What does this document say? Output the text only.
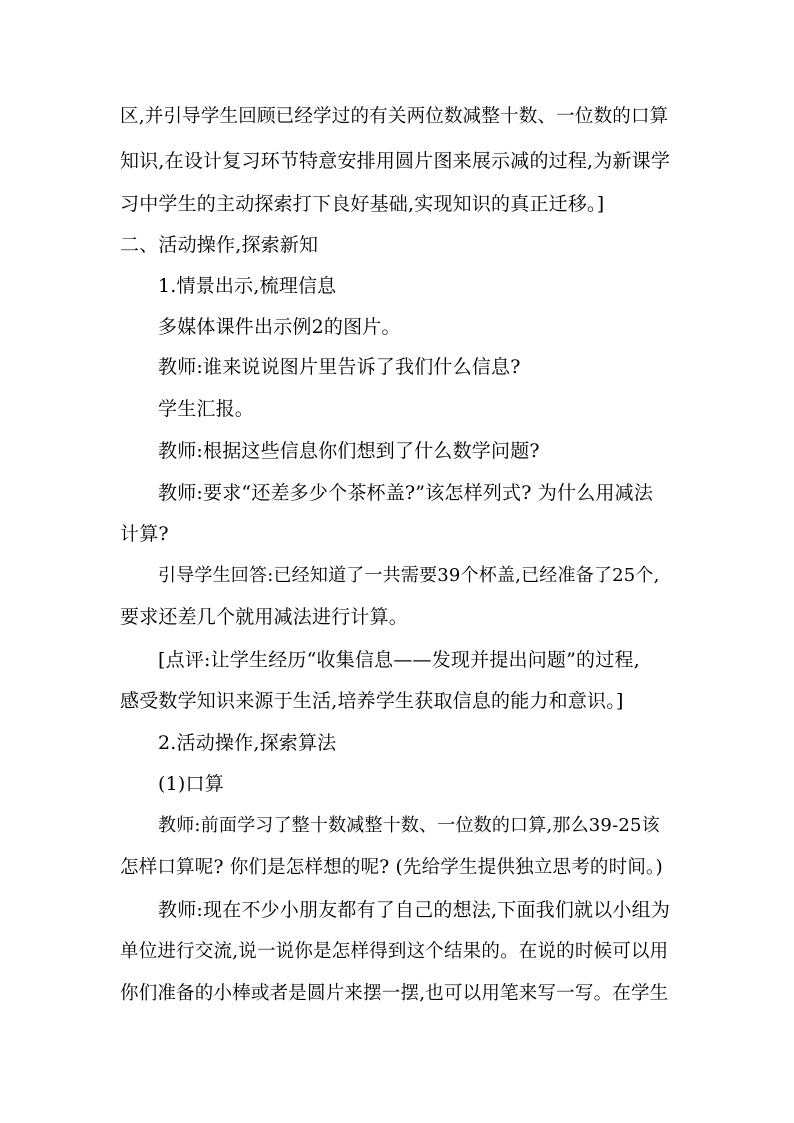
区,并引导学生回顾已经学过的有关两位数减整十数、一位数的口算
知识,在设计复习环节特意安排用圆片图来展示减的过程,为新课学
习中学生的主动探索打下良好基础,实现知识的真正迁移。]
二、活动操作,探索新知
1.情景出示,梳理信息
多媒体课件出示例2的图片。
教师:谁来说说图片里告诉了我们什么信息?
学生汇报。
教师:根据这些信息你们想到了什么数学问题?
教师:要求“还差多少个茶杯盖?”该怎样列式? 为什么用减法
计算?
引导学生回答:已经知道了一共需要39个杯盖,已经准备了25个,
要求还差几个就用减法进行计算。
[点评:让学生经历“收集信息——发现并提出问题”的过程,
感受数学知识来源于生活,培养学生获取信息的能力和意识。]
2.活动操作,探索算法
(1)口算
教师:前面学习了整十数减整十数、一位数的口算,那么39-25该
怎样口算呢? 你们是怎样想的呢? (先给学生提供独立思考的时间。)
教师:现在不少小朋友都有了自己的想法,下面我们就以小组为
单位进行交流,说一说你是怎样得到这个结果的。在说的时候可以用
你们准备的小棒或者是圆片来摆一摆,也可以用笔来写一写。在学生
